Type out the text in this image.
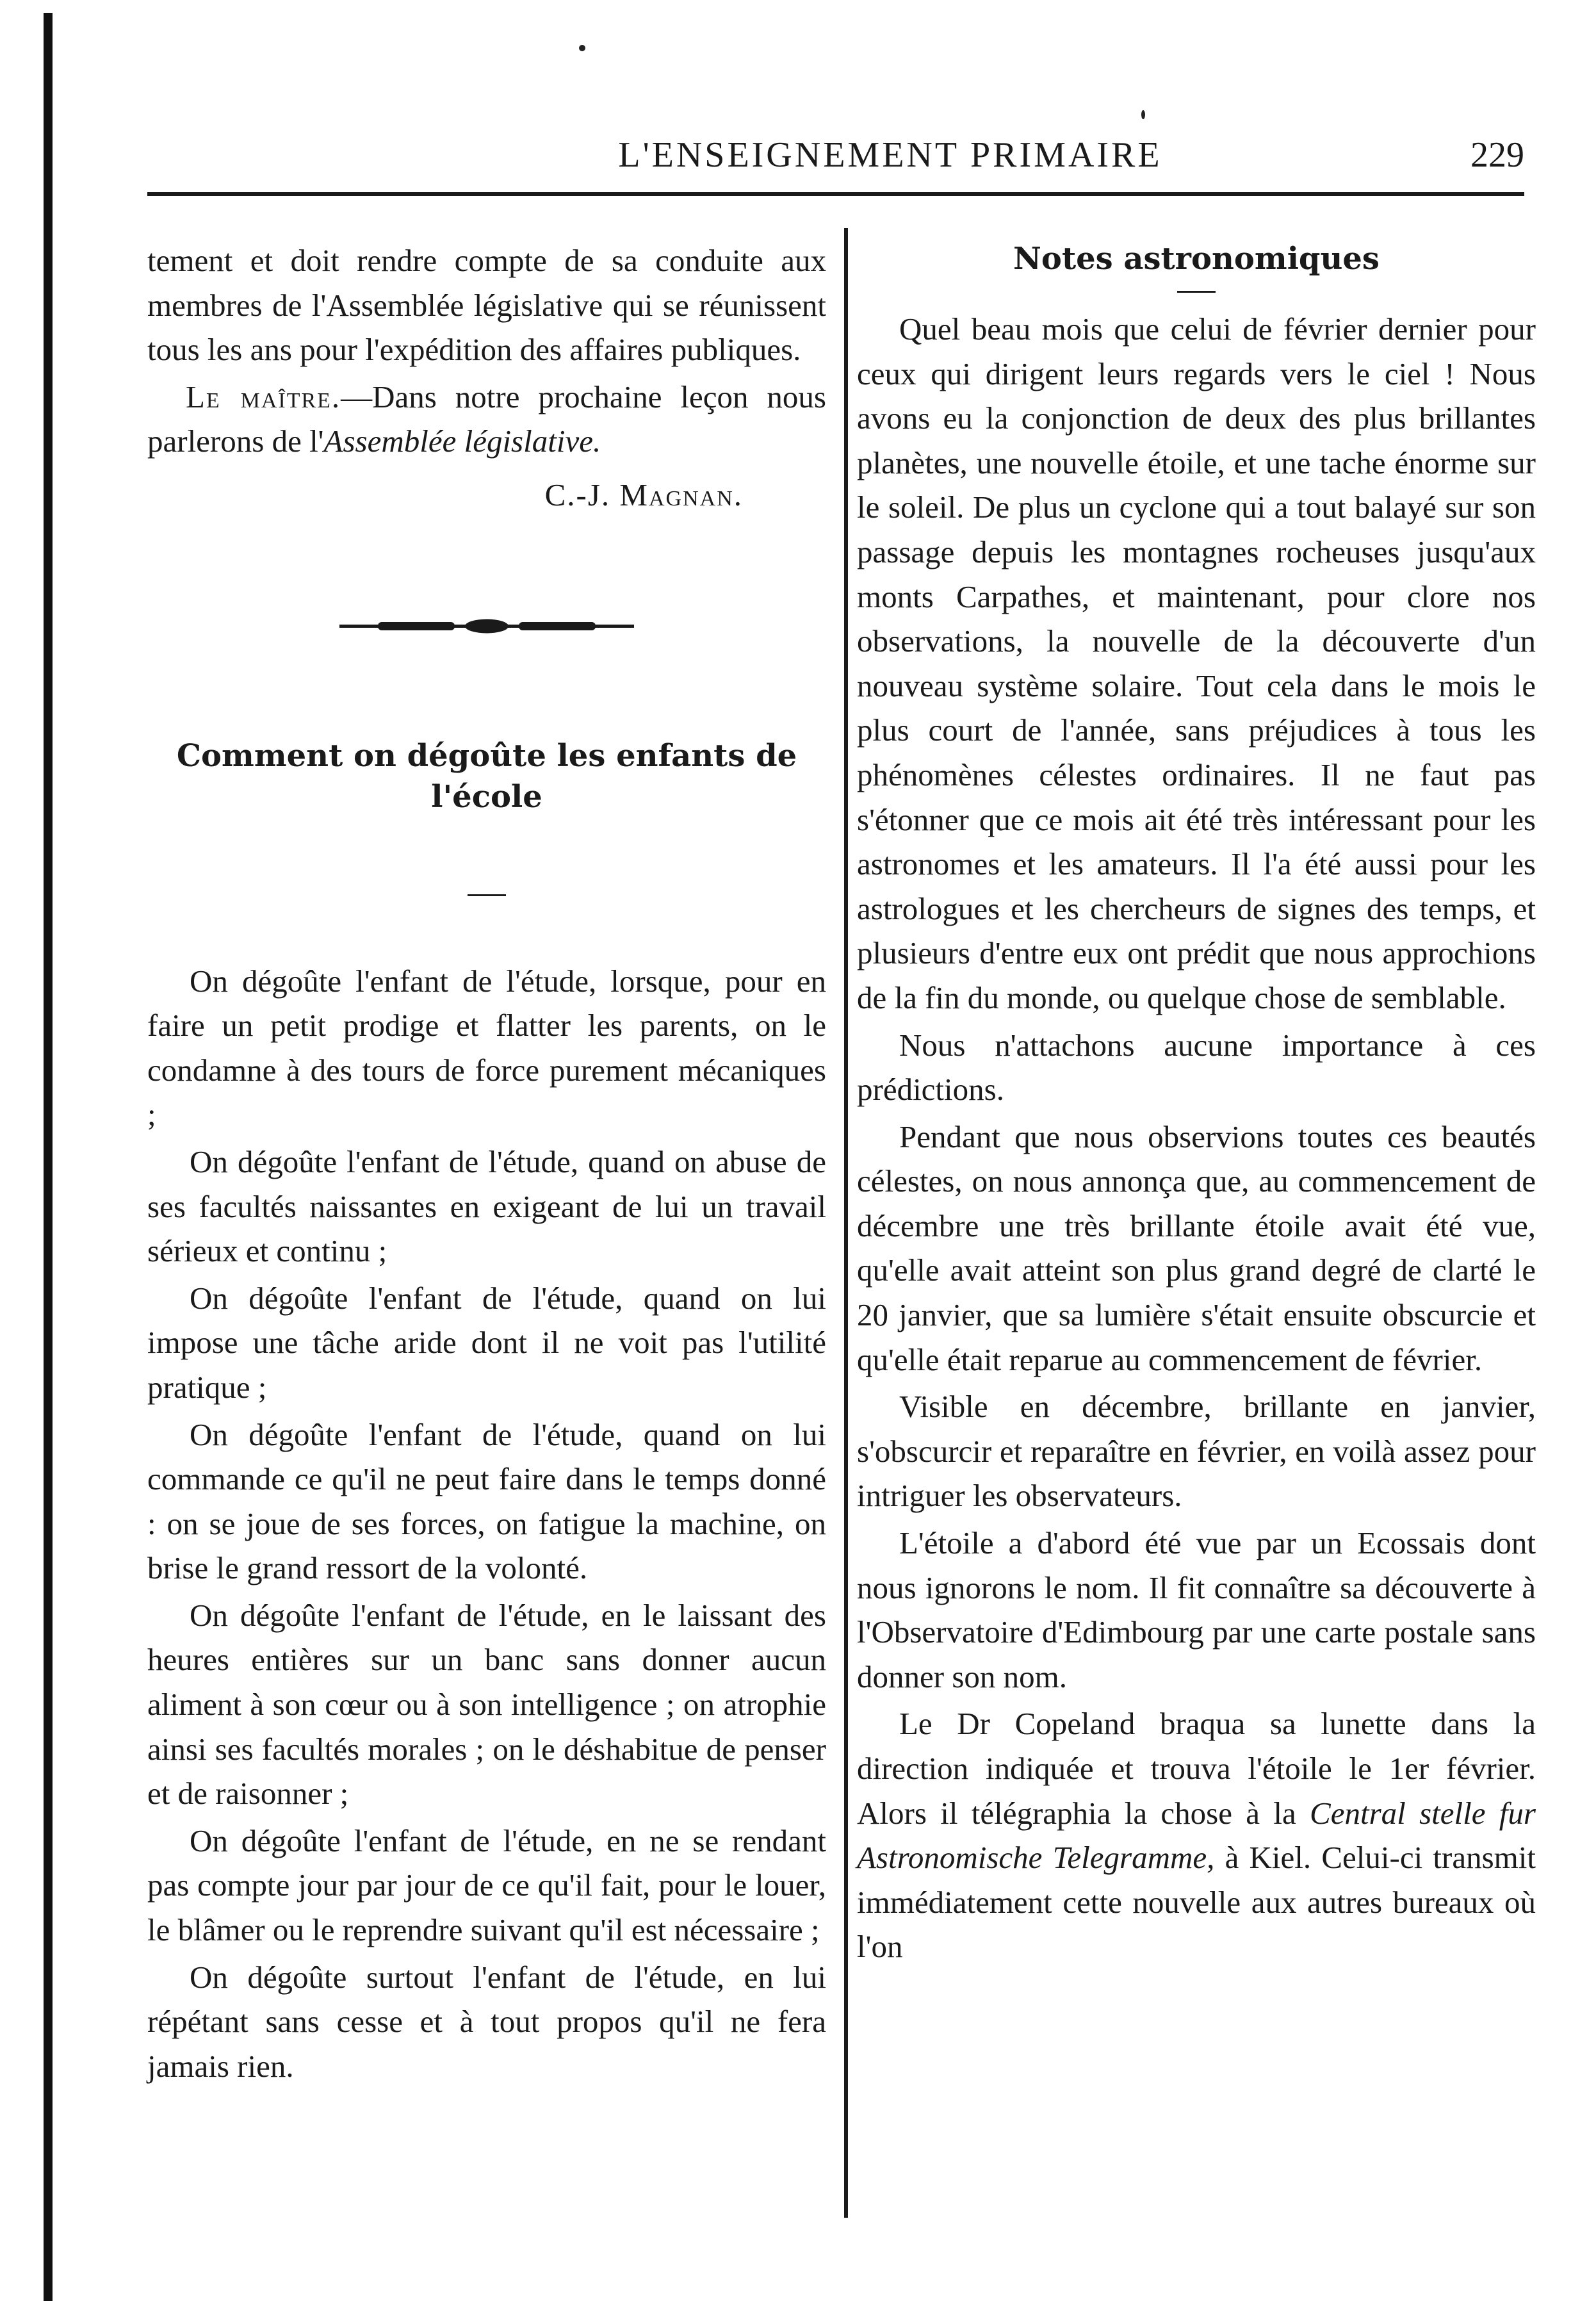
L'ENSEIGNEMENT PRIMAIRE	229

tement et doit rendre compte de sa conduite aux membres de l'Assemblée législative qui se réunissent tous les ans pour l'expédition des affaires publiques.

Le maître.—Dans notre prochaine leçon nous parlerons de l'Assemblée législative.

C.-J. Magnan.

Comment on dégoûte les enfants de l'école

On dégoûte l'enfant de l'étude, lorsque, pour en faire un petit prodige et flatter les parents, on le condamne à des tours de force purement mécaniques ;

On dégoûte l'enfant de l'étude, quand on abuse de ses facultés naissantes en exigeant de lui un travail sérieux et continu ;

On dégoûte l'enfant de l'étude, quand on lui impose une tâche aride dont il ne voit pas l'utilité pratique ;

On dégoûte l'enfant de l'étude, quand on lui commande ce qu'il ne peut faire dans le temps donné : on se joue de ses forces, on fatigue la machine, on brise le grand ressort de la volonté.

On dégoûte l'enfant de l'étude, en le laissant des heures entières sur un banc sans donner aucun aliment à son cœur ou à son intelligence ; on atrophie ainsi ses facultés morales ; on le déshabitue de penser et de raisonner ;

On dégoûte l'enfant de l'étude, en ne se rendant pas compte jour par jour de ce qu'il fait, pour le louer, le blâmer ou le reprendre suivant qu'il est nécessaire ;

On dégoûte surtout l'enfant de l'étude, en lui répétant sans cesse et à tout propos qu'il ne fera jamais rien.

Notes astronomiques

Quel beau mois que celui de février dernier pour ceux qui dirigent leurs regards vers le ciel ! Nous avons eu la conjonction de deux des plus brillantes planètes, une nouvelle étoile, et une tache énorme sur le soleil. De plus un cyclone qui a tout balayé sur son passage depuis les montagnes rocheuses jusqu'aux monts Carpathes, et maintenant, pour clore nos observations, la nouvelle de la découverte d'un nouveau système solaire. Tout cela dans le mois le plus court de l'année, sans préjudices à tous les phénomènes célestes ordinaires. Il ne faut pas s'étonner que ce mois ait été très intéressant pour les astronomes et les amateurs. Il l'a été aussi pour les astrologues et les chercheurs de signes des temps, et plusieurs d'entre eux ont prédit que nous approchions de la fin du monde, ou quelque chose de semblable.

Nous n'attachons aucune importance à ces prédictions.

Pendant que nous observions toutes ces beautés célestes, on nous annonça que, au commencement de décembre une très brillante étoile avait été vue, qu'elle avait atteint son plus grand degré de clarté le 20 janvier, que sa lumière s'était ensuite obscurcie et qu'elle était reparue au commencement de février.

Visible en décembre, brillante en janvier, s'obscurcir et reparaître en février, en voilà assez pour intriguer les observateurs.

L'étoile a d'abord été vue par un Ecossais dont nous ignorons le nom. Il fit connaître sa découverte à l'Observatoire d'Edimbourg par une carte postale sans donner son nom.

Le Dr Copeland braqua sa lunette dans la direction indiquée et trouva l'étoile le 1er février. Alors il télégraphia la chose à la Central stelle fur Astronomische Telegramme, à Kiel. Celui-ci transmit immédiatement cette nouvelle aux autres bureaux où l'on
